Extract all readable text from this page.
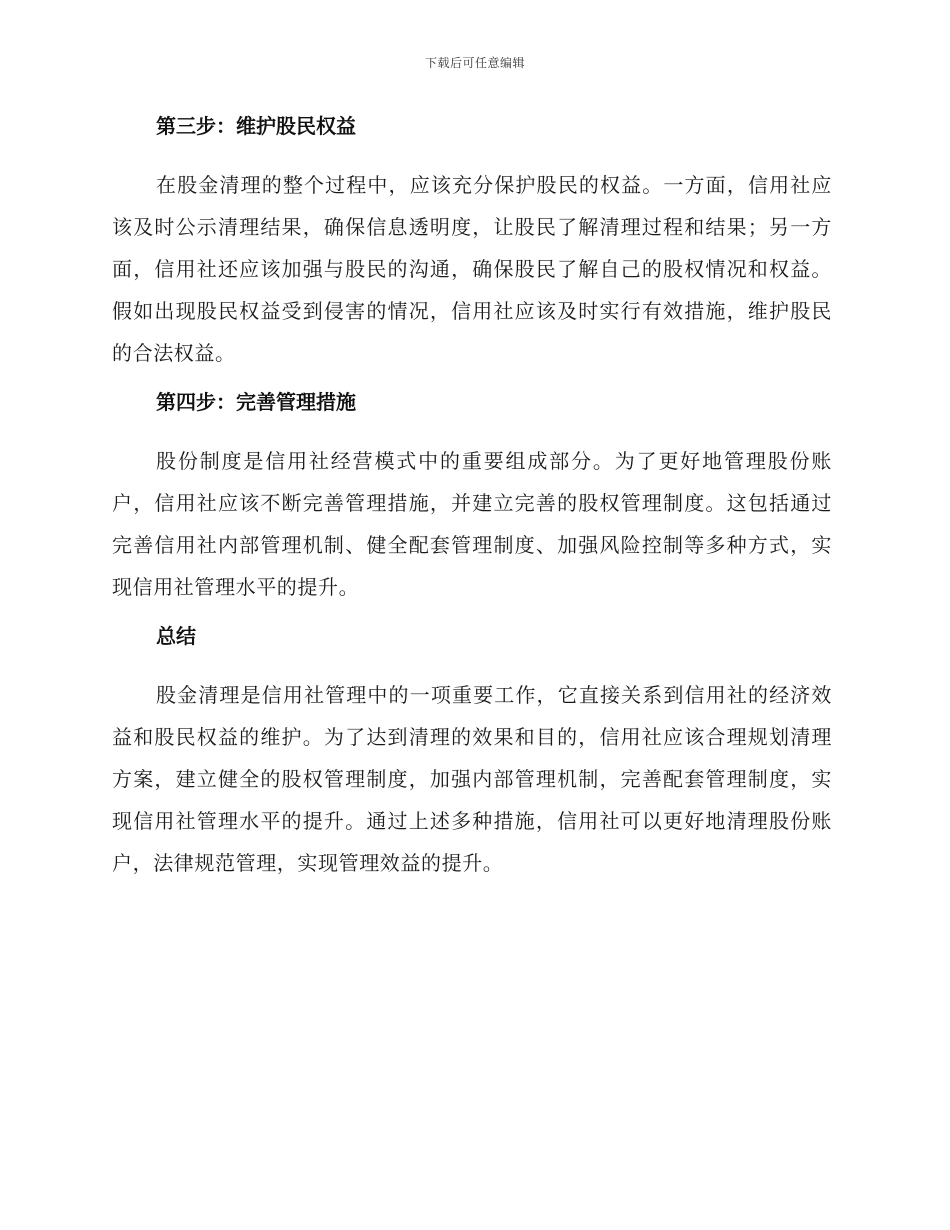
下载后可任意编辑
第三步：维护股民权益

在股金清理的整个过程中，应该充分保护股民的权益。一方面，信用社应该及时公示清理结果，确保信息透明度，让股民了解清理过程和结果；另一方面，信用社还应该加强与股民的沟通，确保股民了解自己的股权情况和权益。假如出现股民权益受到侵害的情况，信用社应该及时实行有效措施，维护股民的合法权益。

第四步：完善管理措施

股份制度是信用社经营模式中的重要组成部分。为了更好地管理股份账户，信用社应该不断完善管理措施，并建立完善的股权管理制度。这包括通过完善信用社内部管理机制、健全配套管理制度、加强风险控制等多种方式，实现信用社管理水平的提升。

总结

股金清理是信用社管理中的一项重要工作，它直接关系到信用社的经济效益和股民权益的维护。为了达到清理的效果和目的，信用社应该合理规划清理方案，建立健全的股权管理制度，加强内部管理机制，完善配套管理制度，实现信用社管理水平的提升。通过上述多种措施，信用社可以更好地清理股份账户，法律规范管理，实现管理效益的提升。
